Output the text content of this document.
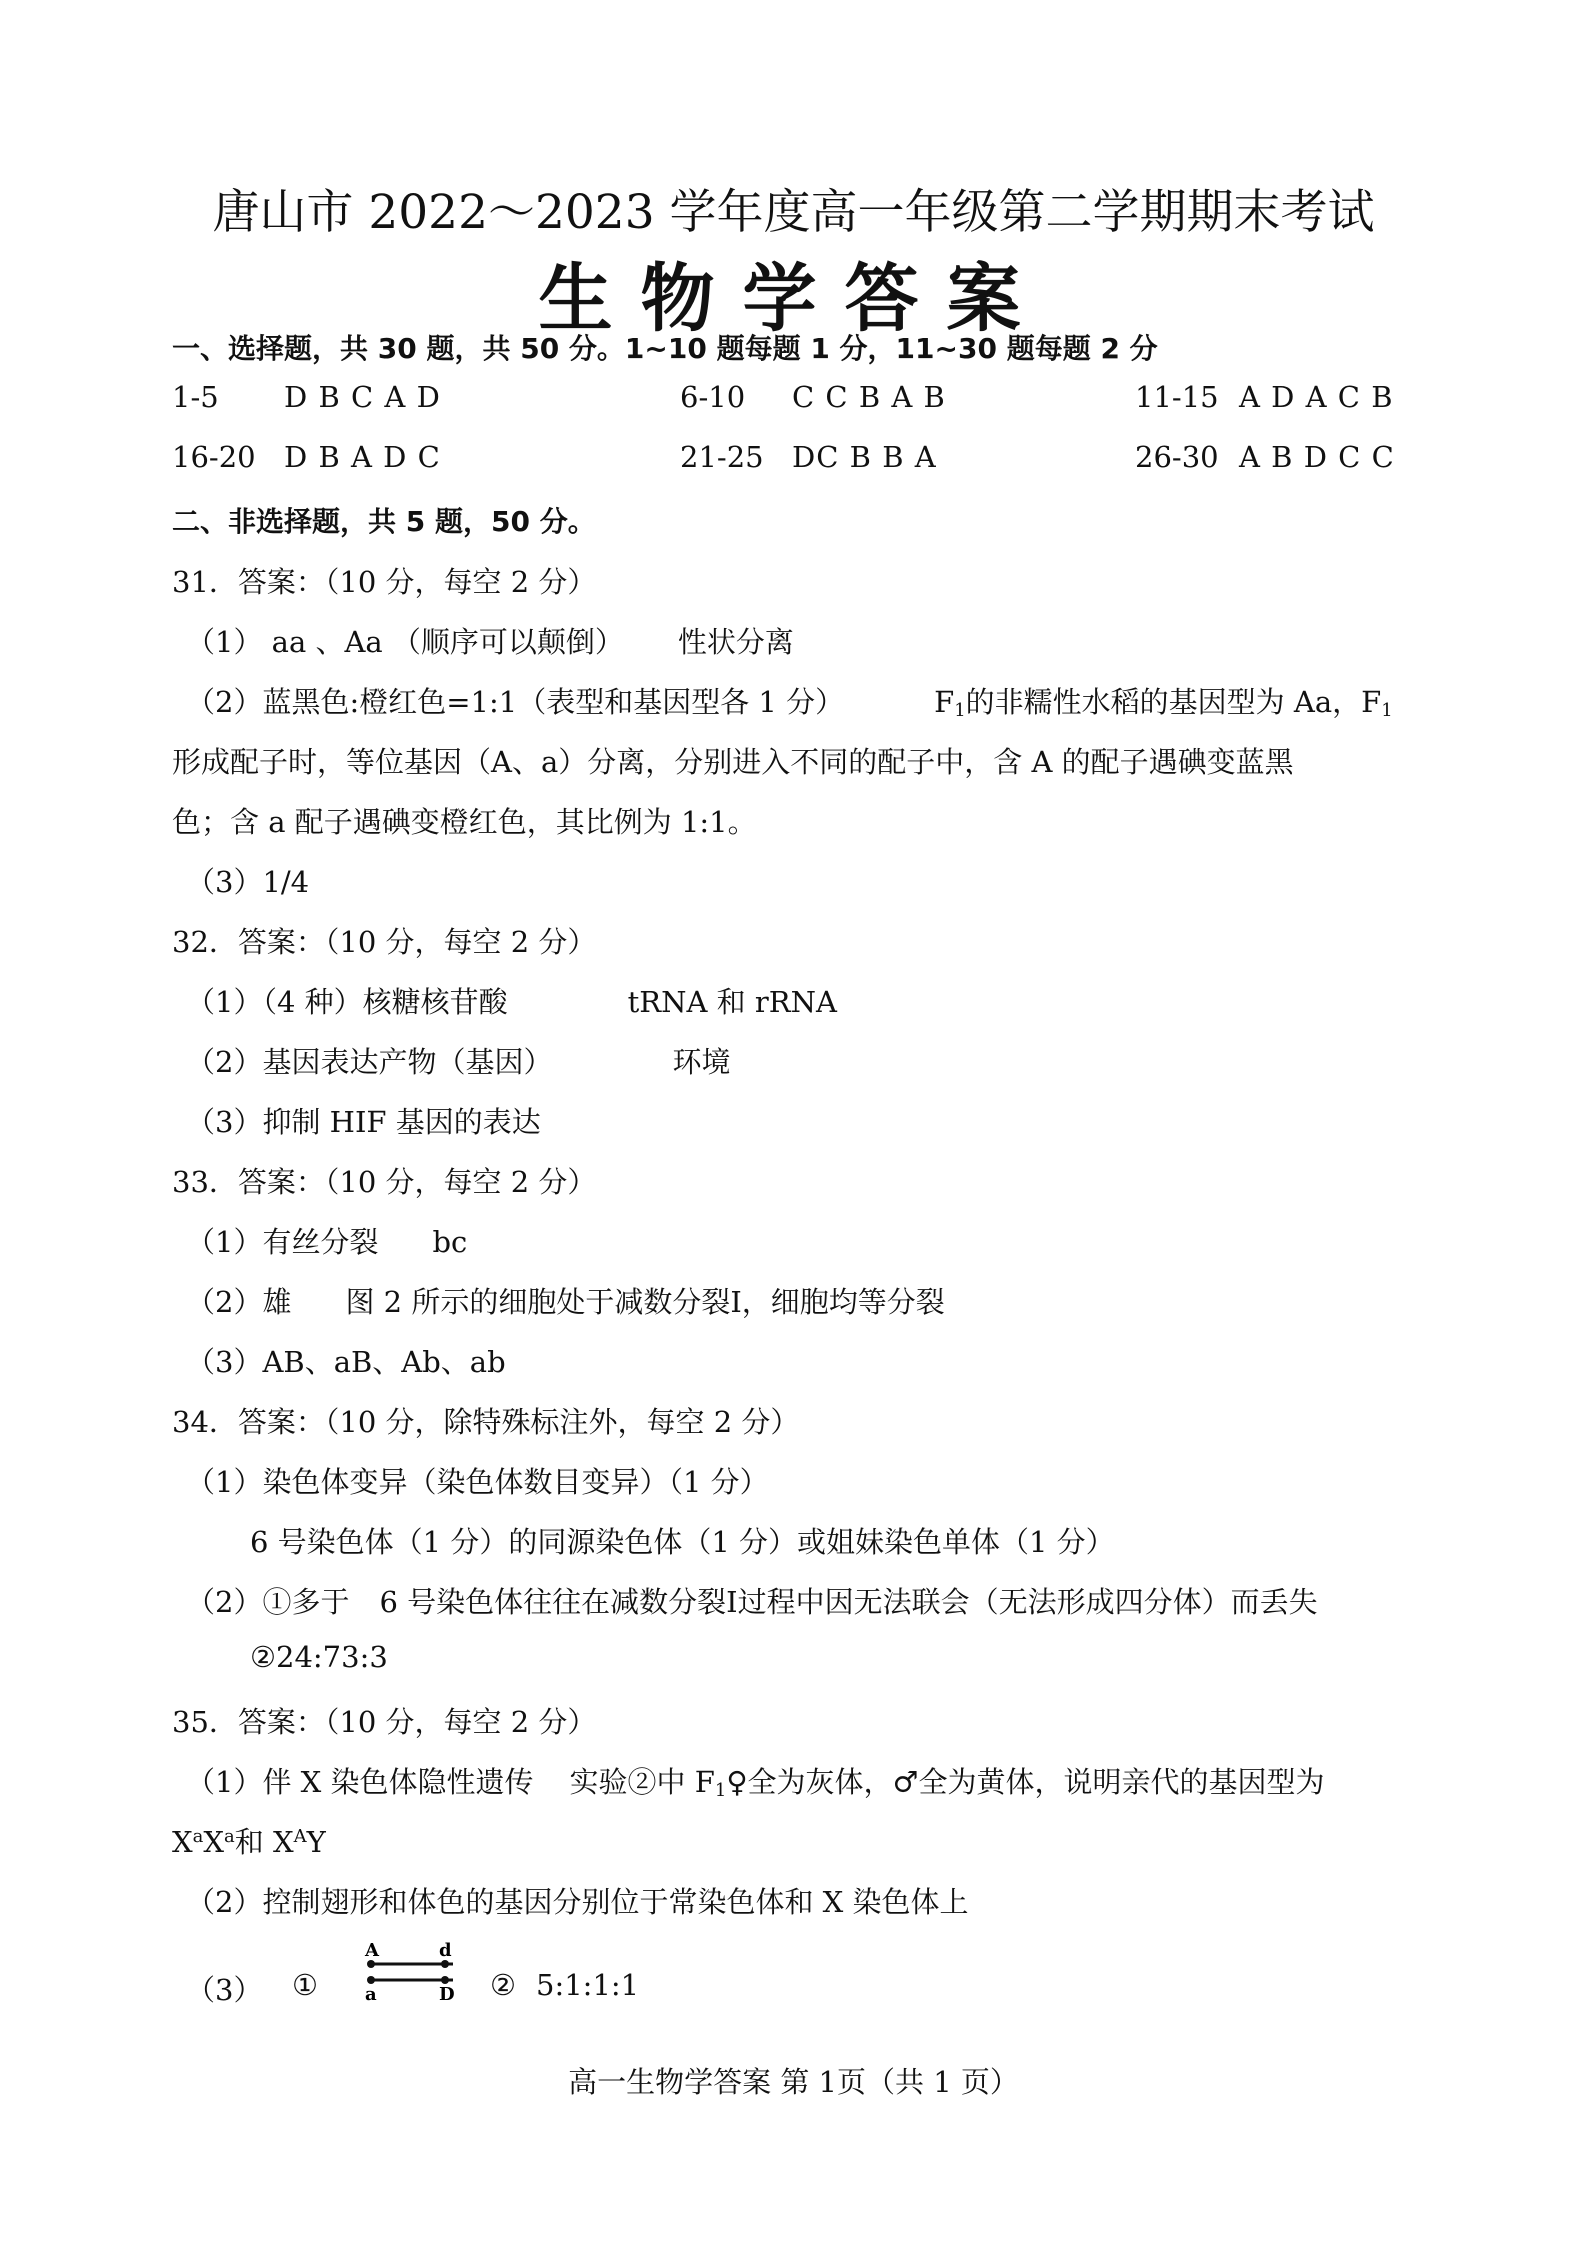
唐山市 2022～2023 学年度高一年级第二学期期末考试
生物学答案
一、选择题，共 30 题，共 50 分。1~10 题每题 1 分，11~30 题每题 2 分
1-5 D B C A D	6-10 C C B A B	11-15 A D A C B
16-20 D B A D C	21-25 DC B B A	26-30 A B D C C
二、非选择题，共 5 题，50 分。
31．答案：（10 分，每空 2 分）
（1） aa 、Aa （顺序可以颠倒） 性状分离
（2）蓝黑色:橙红色=1:1（表型和基因型各 1 分）	$F_1$的非糯性水稻的基因型为 Aa，$F_1$
形成配子时，等位基因（A、a）分离，分别进入不同的配子中，含 A 的配子遇碘变蓝黑
色；含 a 配子遇碘变橙红色，其比例为 1:1。
（3）1/4
32．答案：（10 分，每空 2 分）
（1）（4 种）核糖核苷酸	tRNA 和 rRNA
（2）基因表达产物（基因）	环境
（3）抑制 HIF 基因的表达
33．答案：（10 分，每空 2 分）
（1）有丝分裂 bc
（2）雄 图 2 所示的细胞处于减数分裂Ⅰ，细胞均等分裂
（3）AB、aB、Ab、ab
34．答案：（10 分，除特殊标注外，每空 2 分）
（1）染色体变异（染色体数目变异）（1 分）
6 号染色体（1 分）的同源染色体（1 分）或姐妹染色单体（1 分）
（2）①多于 6 号染色体往往在减数分裂Ⅰ过程中因无法联会（无法形成四分体）而丢失
②24:73:3
35．答案：（10 分，每空 2 分）
（1）伴 X 染色体隐性遗传 实验②中 $F_1♀$全为灰体，♂全为黄体，说明亲代的基因型为
$X^aX^a$和 $X^AY$
（2）控制翅形和体色的基因分别位于常染色体和 X 染色体上
（3） ①
A	d
a	D ② 5:1:1:1
高一生物学答案 第 1页（共 1 页）
